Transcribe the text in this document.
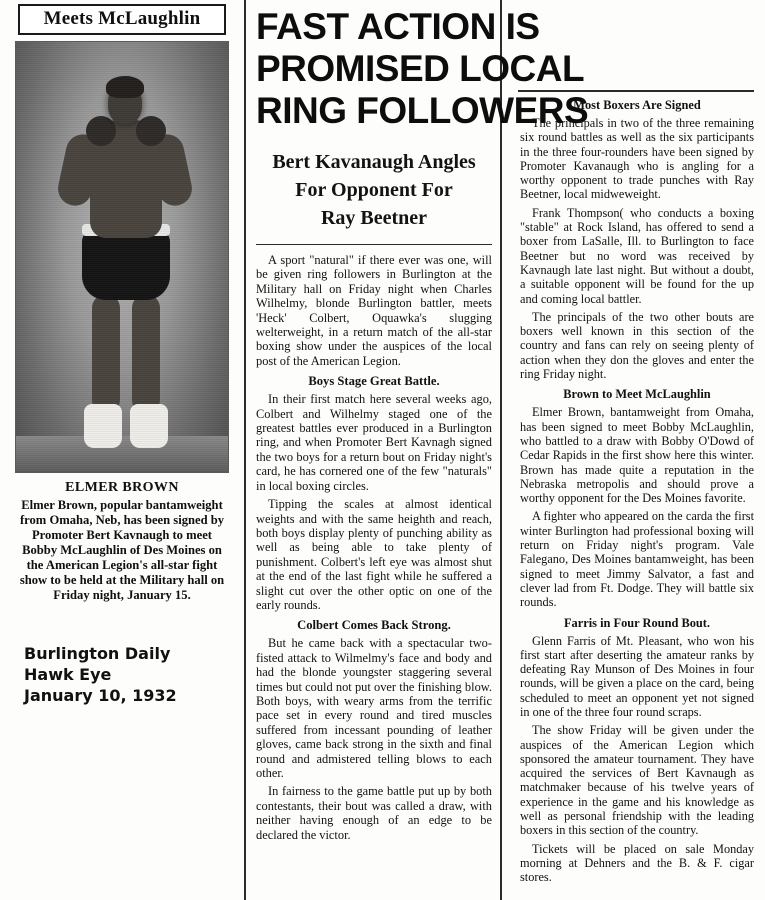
Meets McLaughlin
ELMER BROWN
Elmer Brown, popular bantamweight from Omaha, Neb, has been signed by Promoter Bert Kavnaugh to meet Bobby McLaughlin of Des Moines on the American Legion's all-star fight show to be held at the Military hall on Friday night, January 15.
Burlington Daily
Hawk Eye
January 10, 1932
FAST ACTION IS
PROMISED LOCAL
RING FOLLOWERS
Bert Kavanaugh Angles
For Opponent For
Ray Beetner

A sport "natural" if there ever was one, will be given ring followers in Burlington at the Military hall on Friday night when Charles Wilhelmy, blonde Burlington battler, meets 'Heck' Colbert, Oquawka's slugging welterweight, in a return match of the all-star boxing show under the auspices of the local post of the American Legion.

Boys Stage Great Battle.

In their first match here several weeks ago, Colbert and Wilhelmy staged one of the greatest battles ever produced in a Burlington ring, and when Promoter Bert Kavnagh signed the two boys for a return bout on Friday night's card, he has cornered one of the few "naturals" in local boxing circles.

Tipping the scales at almost identical weights and with the same heighth and reach, both boys display plenty of punching ability as well as being able to take plenty of punishment. Colbert's left eye was almost shut at the end of the last fight while he suffered a slight cut over the other optic on one of the early rounds.

Colbert Comes Back Strong.

But he came back with a spectacular two-fisted attack to Wilmelmy's face and body and had the blonde youngster staggering several times but could not put over the finishing blow. Both boys, with weary arms from the terrific pace set in every round and tired muscles suffered from incessant pounding of leather gloves, came back strong in the sixth and final round and admistered telling blows to each other.

In fairness to the game battle put up by both contestants, their bout was called a draw, with neither having enough of an edge to be declared the victor.

Most Boxers Are Signed

The principals in two of the three remaining six round battles as well as the six participants in the three four-rounders have been signed by Promoter Kavanaugh who is angling for a worthy opponent to trade punches with Ray Beetner, local midweweight.

Frank Thompson( who conducts a boxing "stable" at Rock Island, has offered to send a boxer from LaSalle, Ill. to Burlington to face Beetner but no word was received by Kavnaugh late last night. But without a doubt, a suitable opponent will be found for the up and coming local battler.

The principals of the two other bouts are boxers well known in this section of the country and fans can rely on seeing plenty of action when they don the gloves and enter the ring Friday night.

Brown to Meet McLaughlin

Elmer Brown, bantamweight from Omaha, has been signed to meet Bobby McLaughlin, who battled to a draw with Bobby O'Dowd of Cedar Rapids in the first show here this winter. Brown has made quite a reputation in the Nebraska metropolis and should prove a worthy opponent for the Des Moines favorite.

A fighter who appeared on the carda the first winter Burlington had professional boxing will return on Friday night's program. Vale Falegano, Des Moines bantamweight, has been signed to meet Jimmy Salvator, a fast and clever lad from Ft. Dodge. They will battle six rounds.

Farris in Four Round Bout.

Glenn Farris of Mt. Pleasant, who won his first start after deserting the amateur ranks by defeating Ray Munson of Des Moines in four rounds, will be given a place on the card, being scheduled to meet an opponent yet not signed in one of the three four round scraps.

The show Friday will be given under the auspices of the American Legion which sponsored the amateur tournament. They have acquired the services of Bert Kavnaugh as matchmaker because of his twelve years of experience in the game and his knowledge as well as personal friendship with the leading boxers in this section of the country.

Tickets will be placed on sale Monday morning at Dehners and the B. & F. cigar stores.
